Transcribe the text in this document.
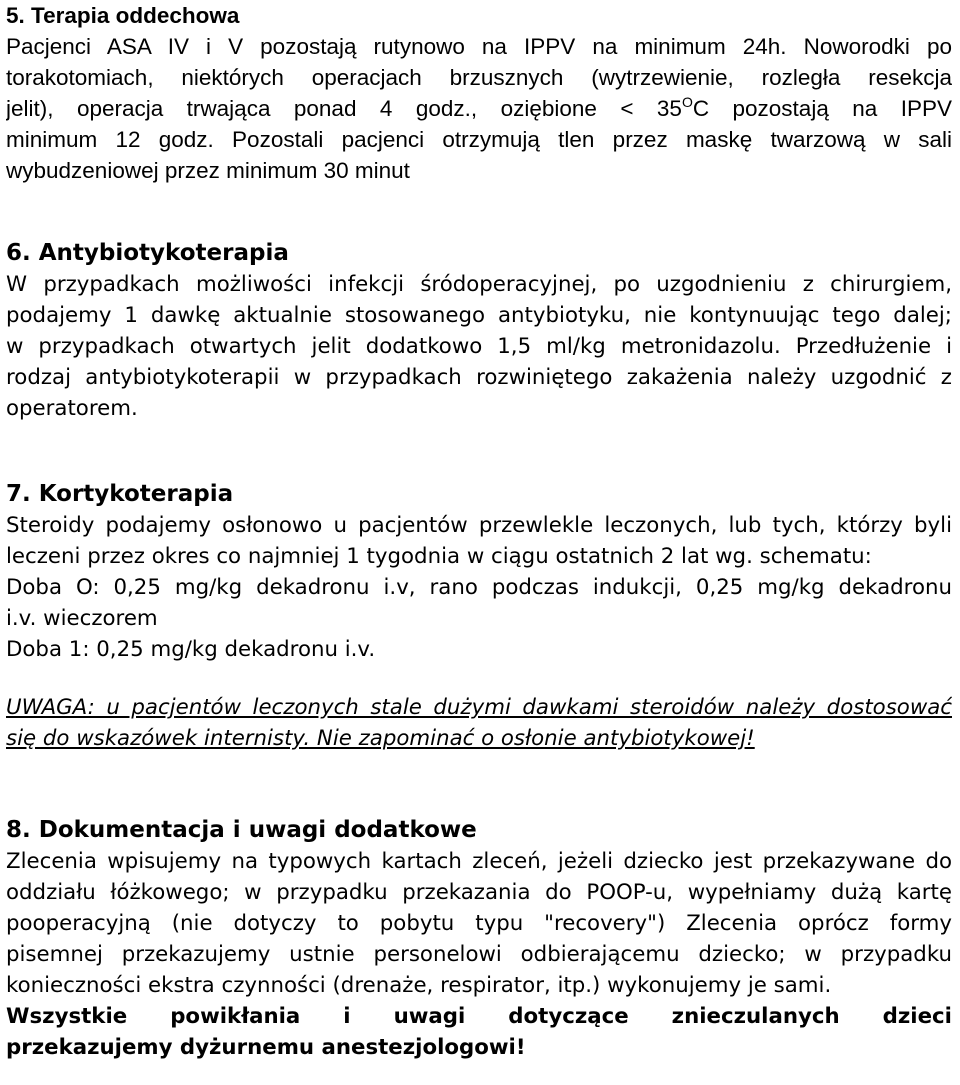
5. Terapia oddechowa
Pacjenci ASA IV i V pozostają rutynowo na IPPV na minimum 24h. Noworodki po
torakotomiach, niektórych operacjach brzusznych (wytrzewienie, rozległa resekcja
jelit), operacja trwająca ponad 4 godz., oziębione < $35^OC$ pozostają na IPPV
minimum 12 godz. Pozostali pacjenci otrzymują tlen przez maskę twarzową w sali
wybudzeniowej przez minimum 30 minut
6. Antybiotykoterapia
W przypadkach możliwości infekcji śródoperacyjnej, po uzgodnieniu z chirurgiem,
podajemy 1 dawkę aktualnie stosowanego antybiotyku, nie kontynuując tego dalej;
w przypadkach otwartych jelit dodatkowo 1,5 ml/kg metronidazolu. Przedłużenie i
rodzaj antybiotykoterapii w przypadkach rozwiniętego zakażenia należy uzgodnić z
operatorem.
7. Kortykoterapia
Steroidy podajemy osłonowo u pacjentów przewlekle leczonych, lub tych, którzy byli
leczeni przez okres co najmniej 1 tygodnia w ciągu ostatnich 2 lat wg. schematu:
Doba O: 0,25 mg/kg dekadronu i.v, rano podczas indukcji, 0,25 mg/kg dekadronu
i.v. wieczorem
Doba 1: 0,25 mg/kg dekadronu i.v.
UWAGA: u pacjentów leczonych stale dużymi dawkami steroidów należy dostosować
się do wskazówek internisty. Nie zapominać o osłonie antybiotykowej!
8. Dokumentacja i uwagi dodatkowe
Zlecenia wpisujemy na typowych kartach zleceń, jeżeli dziecko jest przekazywane do
oddziału łóżkowego; w przypadku przekazania do POOP-u, wypełniamy dużą kartę
pooperacyjną (nie dotyczy to pobytu typu "recovery") Zlecenia oprócz formy
pisemnej przekazujemy ustnie personelowi odbierającemu dziecko; w przypadku
konieczności ekstra czynności (drenaże, respirator, itp.) wykonujemy je sami.
Wszystkie powikłania i uwagi dotyczące znieczulanych dzieci
przekazujemy dyżurnemu anestezjologowi!
